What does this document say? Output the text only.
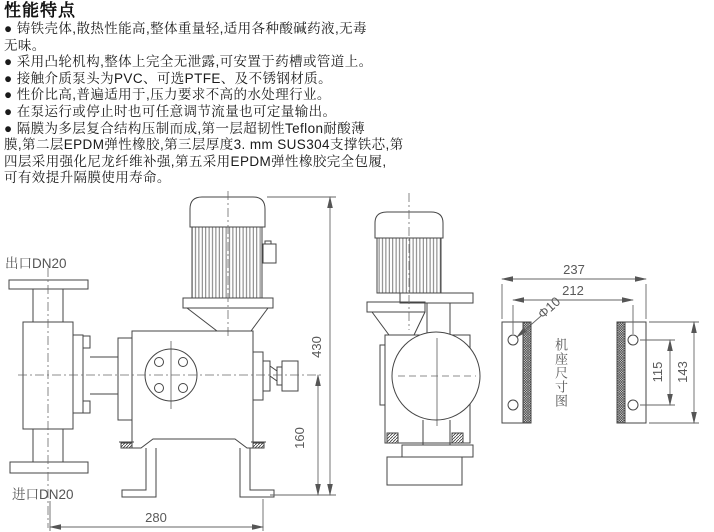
性能特点
● 铸铁壳体,散热性能高,整体重量轻,适用各种酸碱药液,无毒
无味。
● 采用凸轮机构,整体上完全无泄露,可安置于药槽或管道上。
● 接触介质泵头为PVC、可选PTFE、及不锈钢材质。
● 性价比高,普遍适用于,压力要求不高的水处理行业。
● 在泵运行或停止时也可任意调节流量也可定量输出。
● 隔膜为多层复合结构压制而成,第一层超韧性Teflon耐酸薄
膜,第二层EPDM弹性橡胶,第三层厚度3. mm SUS304支撑铁芯,第
四层采用强化尼龙纤维补强,第五采用EPDM弹性橡胶完全包履,
可有效提升隔膜使用寿命。
出口DN20
进口DN20
430
160
280
237
212
Φ10
115 143
机座尺寸图
